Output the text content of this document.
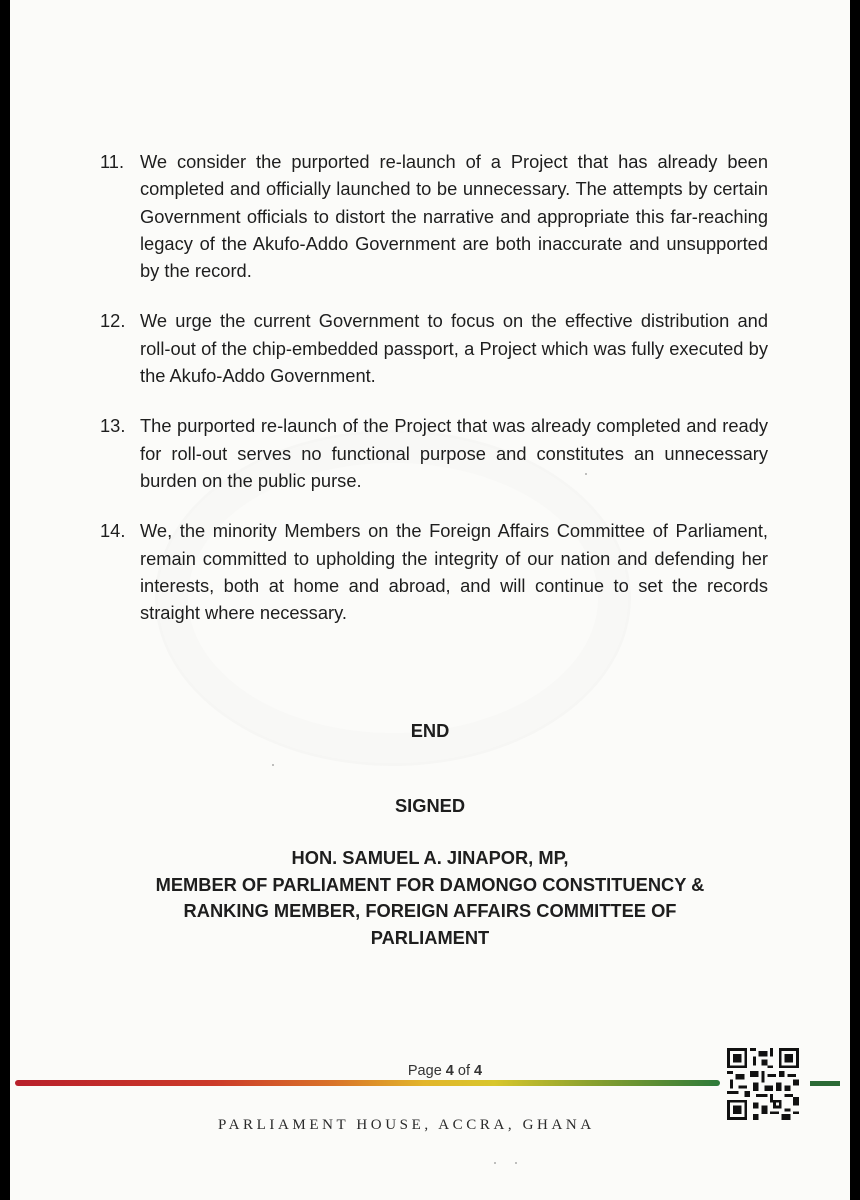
11. We consider the purported re-launch of a Project that has already been completed and officially launched to be unnecessary. The attempts by certain Government officials to distort the narrative and appropriate this far-reaching legacy of the Akufo-Addo Government are both inaccurate and unsupported by the record.
12. We urge the current Government to focus on the effective distribution and roll-out of the chip-embedded passport, a Project which was fully executed by the Akufo-Addo Government.
13. The purported re-launch of the Project that was already completed and ready for roll-out serves no functional purpose and constitutes an unnecessary burden on the public purse.
14. We, the minority Members on the Foreign Affairs Committee of Parliament, remain committed to upholding the integrity of our nation and defending her interests, both at home and abroad, and will continue to set the records straight where necessary.
END
SIGNED
HON. SAMUEL A. JINAPOR, MP,
MEMBER OF PARLIAMENT FOR DAMONGO CONSTITUENCY &
RANKING MEMBER, FOREIGN AFFAIRS COMMITTEE OF
PARLIAMENT
Page 4 of 4
PARLIAMENT HOUSE, ACCRA, GHANA
